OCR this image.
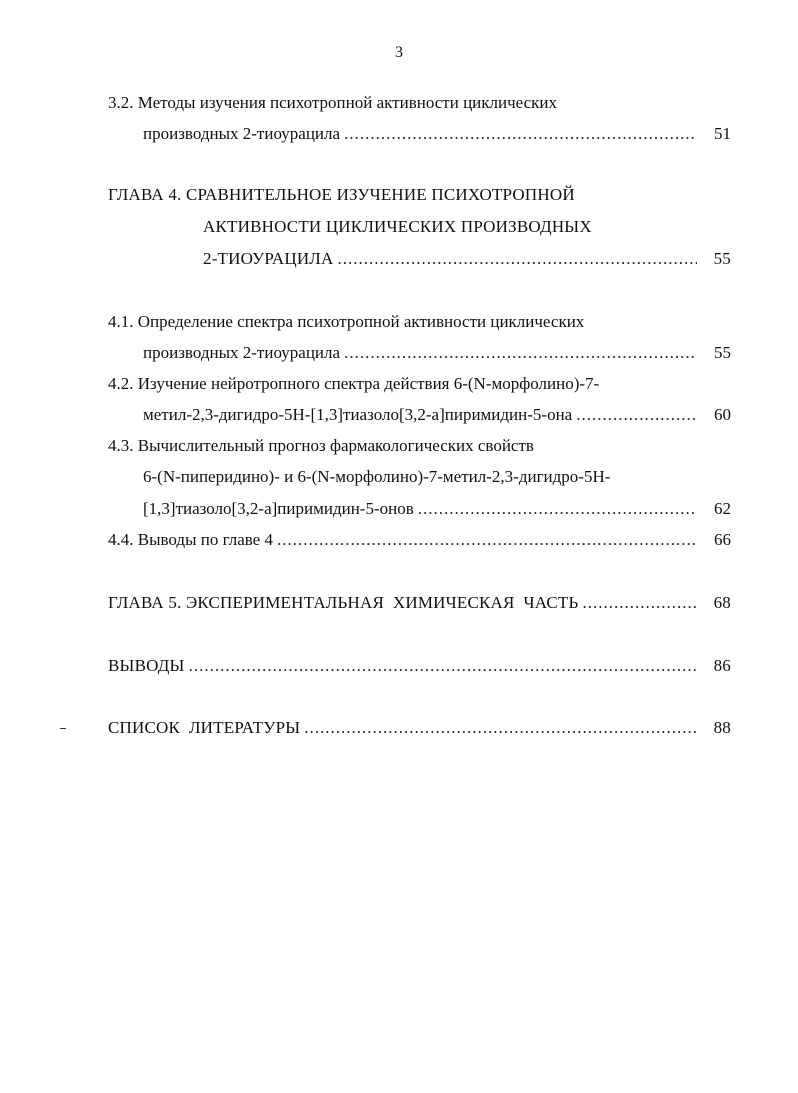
3
3.2. Методы изучения психотропной активности циклических
производных 2-тиоурацила .....	51
ГЛАВА 4. СРАВНИТЕЛЬНОЕ ИЗУЧЕНИЕ ПСИХОТРОПНОЙ
АКТИВНОСТИ ЦИКЛИЧЕСКИХ ПРОИЗВОДНЫХ
2-ТИОУРАЦИЛА .....	55
4.1. Определение спектра психотропной активности циклических
производных 2-тиоурацила .....	55
4.2. Изучение нейротропного спектра действия 6-(N-морфолино)-7-
метил-2,3-дигидро-5Н-[1,3]тиазоло[3,2-а]пиримидин-5-она .....	60
4.3. Вычислительный прогноз фармакологических свойств
6-(N-пиперидино)- и 6-(N-морфолино)-7-метил-2,3-дигидро-5Н-
[1,3]тиазоло[3,2-а]пиримидин-5-онов .....	62
4.4. Выводы по главе 4 .....	66
ГЛАВА 5. ЭКСПЕРИМЕНТАЛЬНАЯ  ХИМИЧЕСКАЯ  ЧАСТЬ .....	68
ВЫВОДЫ .....	86
СПИСОК  ЛИТЕРАТУРЫ .....	88
